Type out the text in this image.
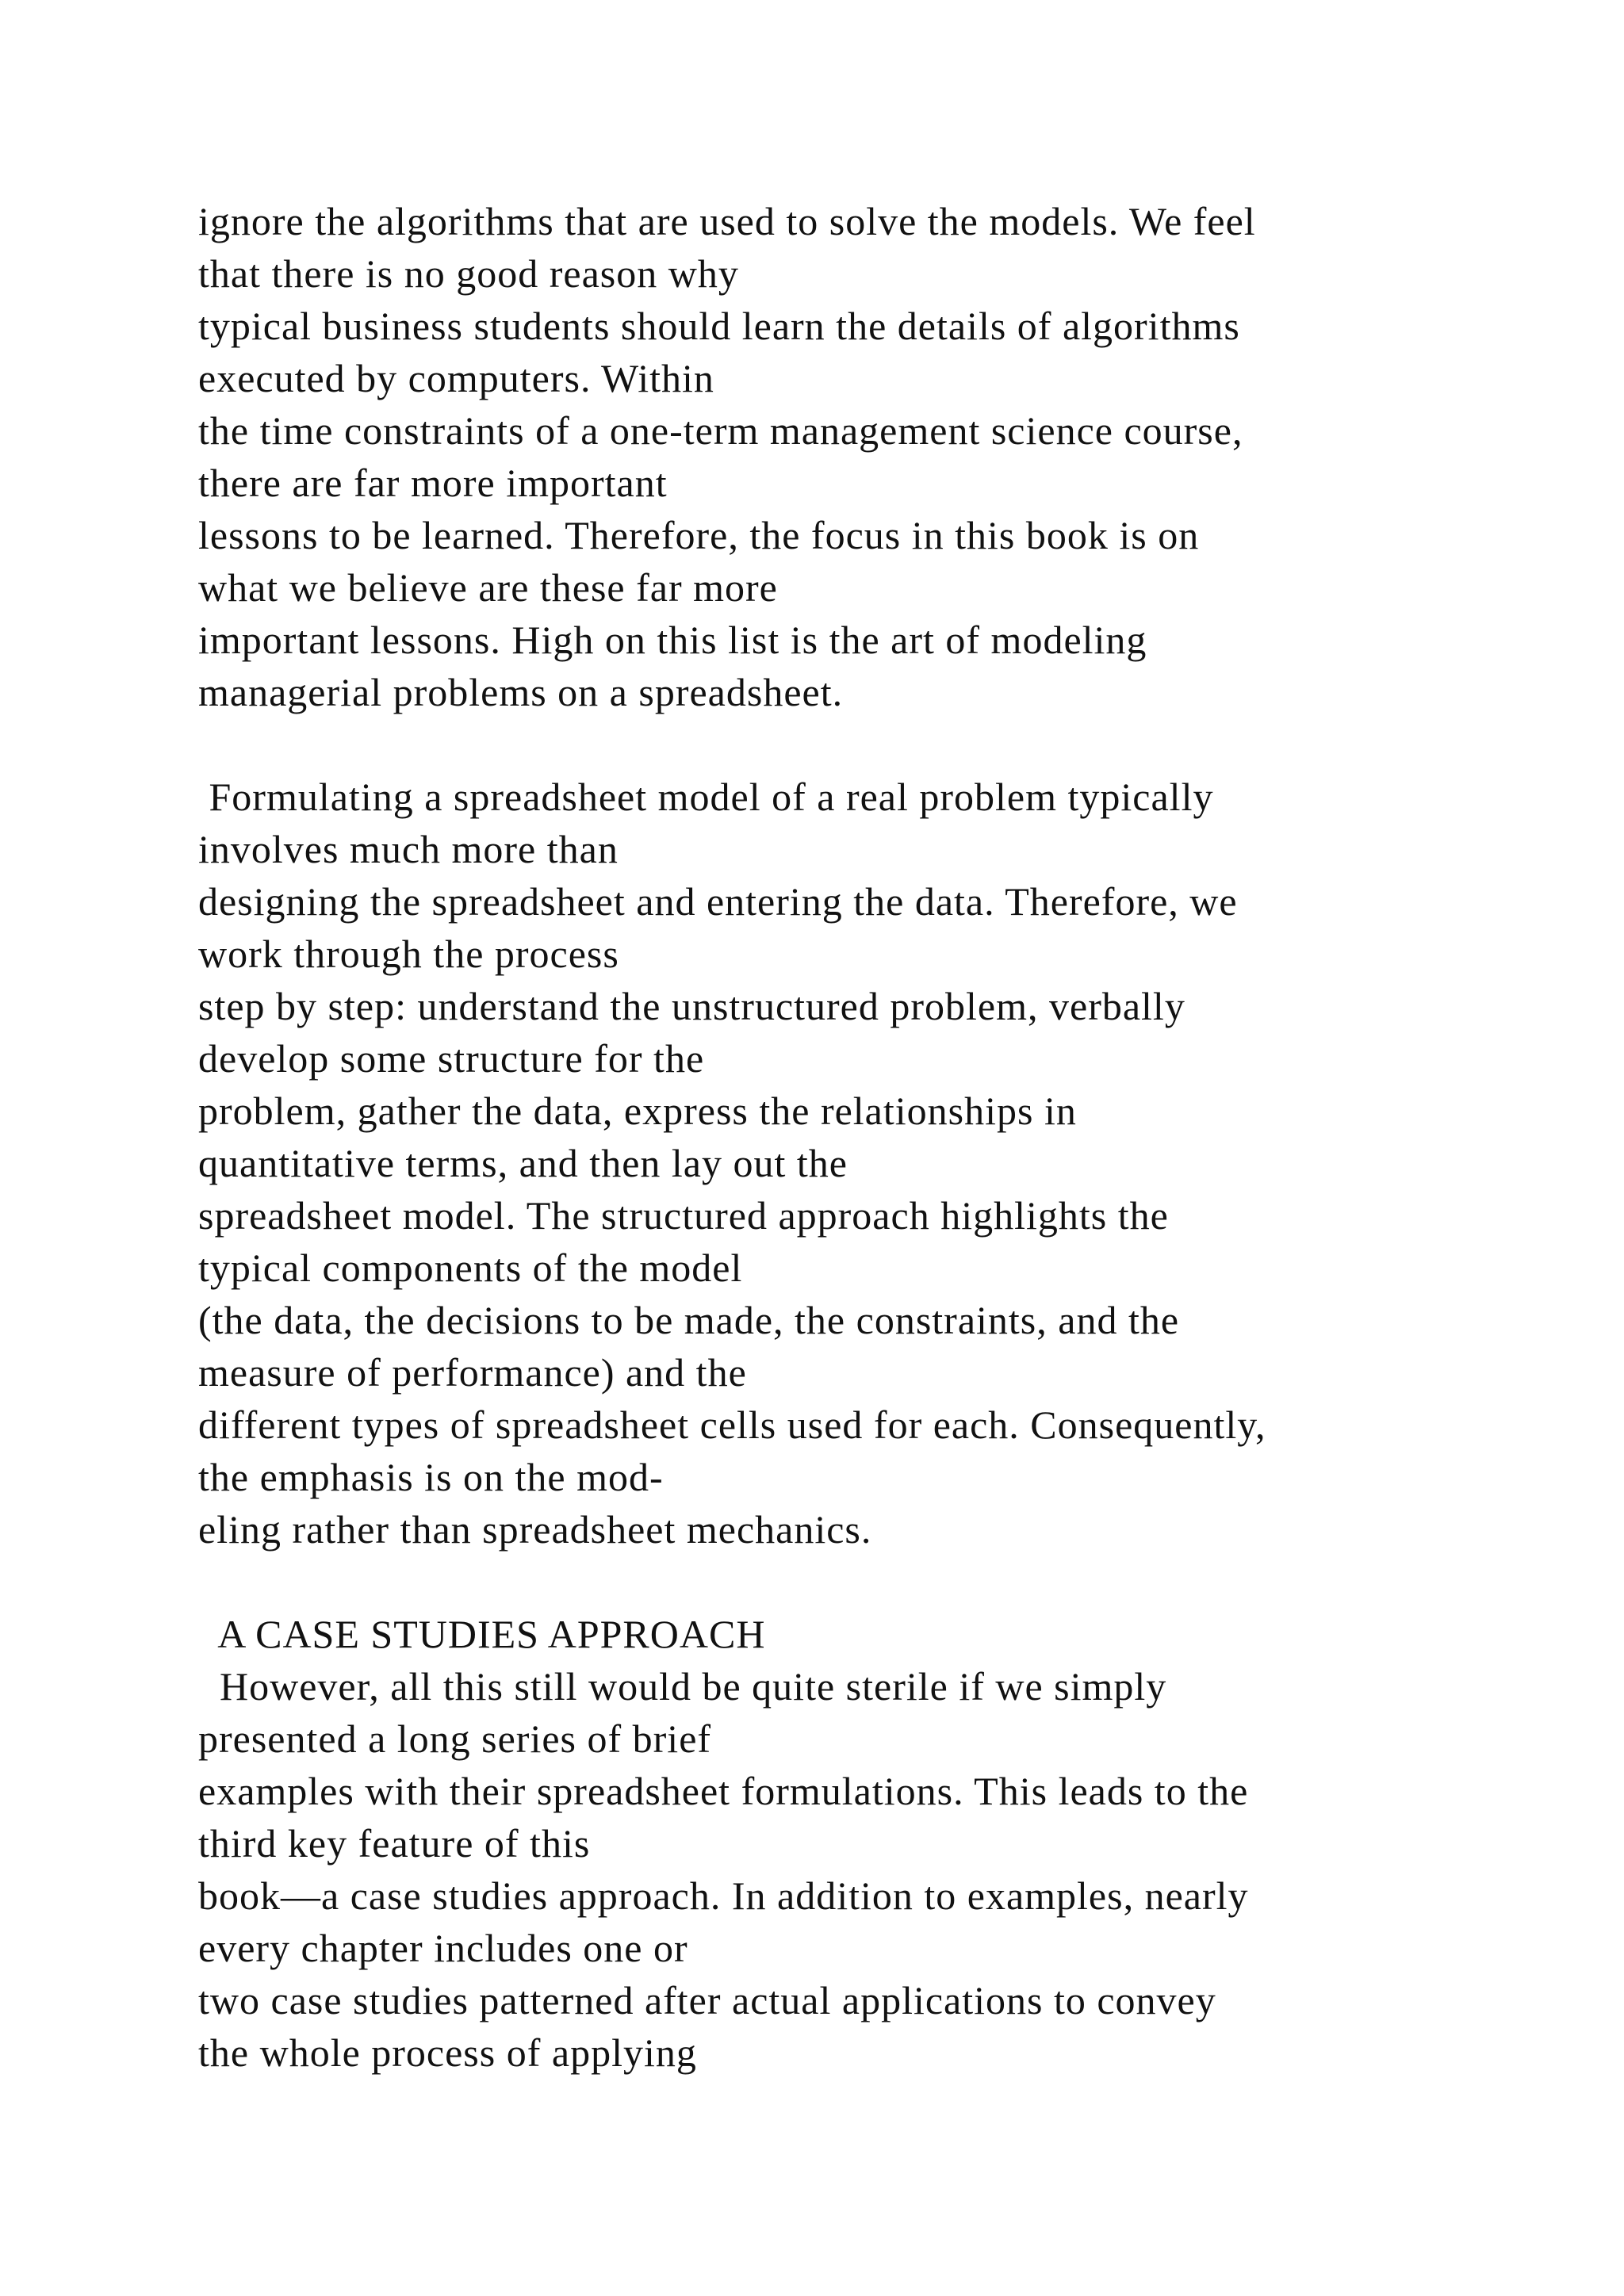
ignore the algorithms that are used to solve the models. We feel
that there is no good reason why
typical business students should learn the details of algorithms
executed by computers. Within
the time constraints of a one-term management science course,
there are far more important
lessons to be learned. Therefore, the focus in this book is on
what we believe are these far more
important lessons. High on this list is the art of modeling
managerial problems on a spreadsheet.
Formulating a spreadsheet model of a real problem typically
involves much more than
designing the spreadsheet and entering the data. Therefore, we
work through the process
step by step: understand the unstructured problem, verbally
develop some structure for the
problem, gather the data, express the relationships in
quantitative terms, and then lay out the
spreadsheet model. The structured approach highlights the
typical components of the model
(the data, the decisions to be made, the constraints, and the
measure of performance) and the
different types of spreadsheet cells used for each. Consequently,
the emphasis is on the mod-
eling rather than spreadsheet mechanics.
A CASE STUDIES APPROACH
However, all this still would be quite sterile if we simply
presented a long series of brief
examples with their spreadsheet formulations. This leads to the
third key feature of this
book—a case studies approach. In addition to examples, nearly
every chapter includes one or
two case studies patterned after actual applications to convey
the whole process of applying
